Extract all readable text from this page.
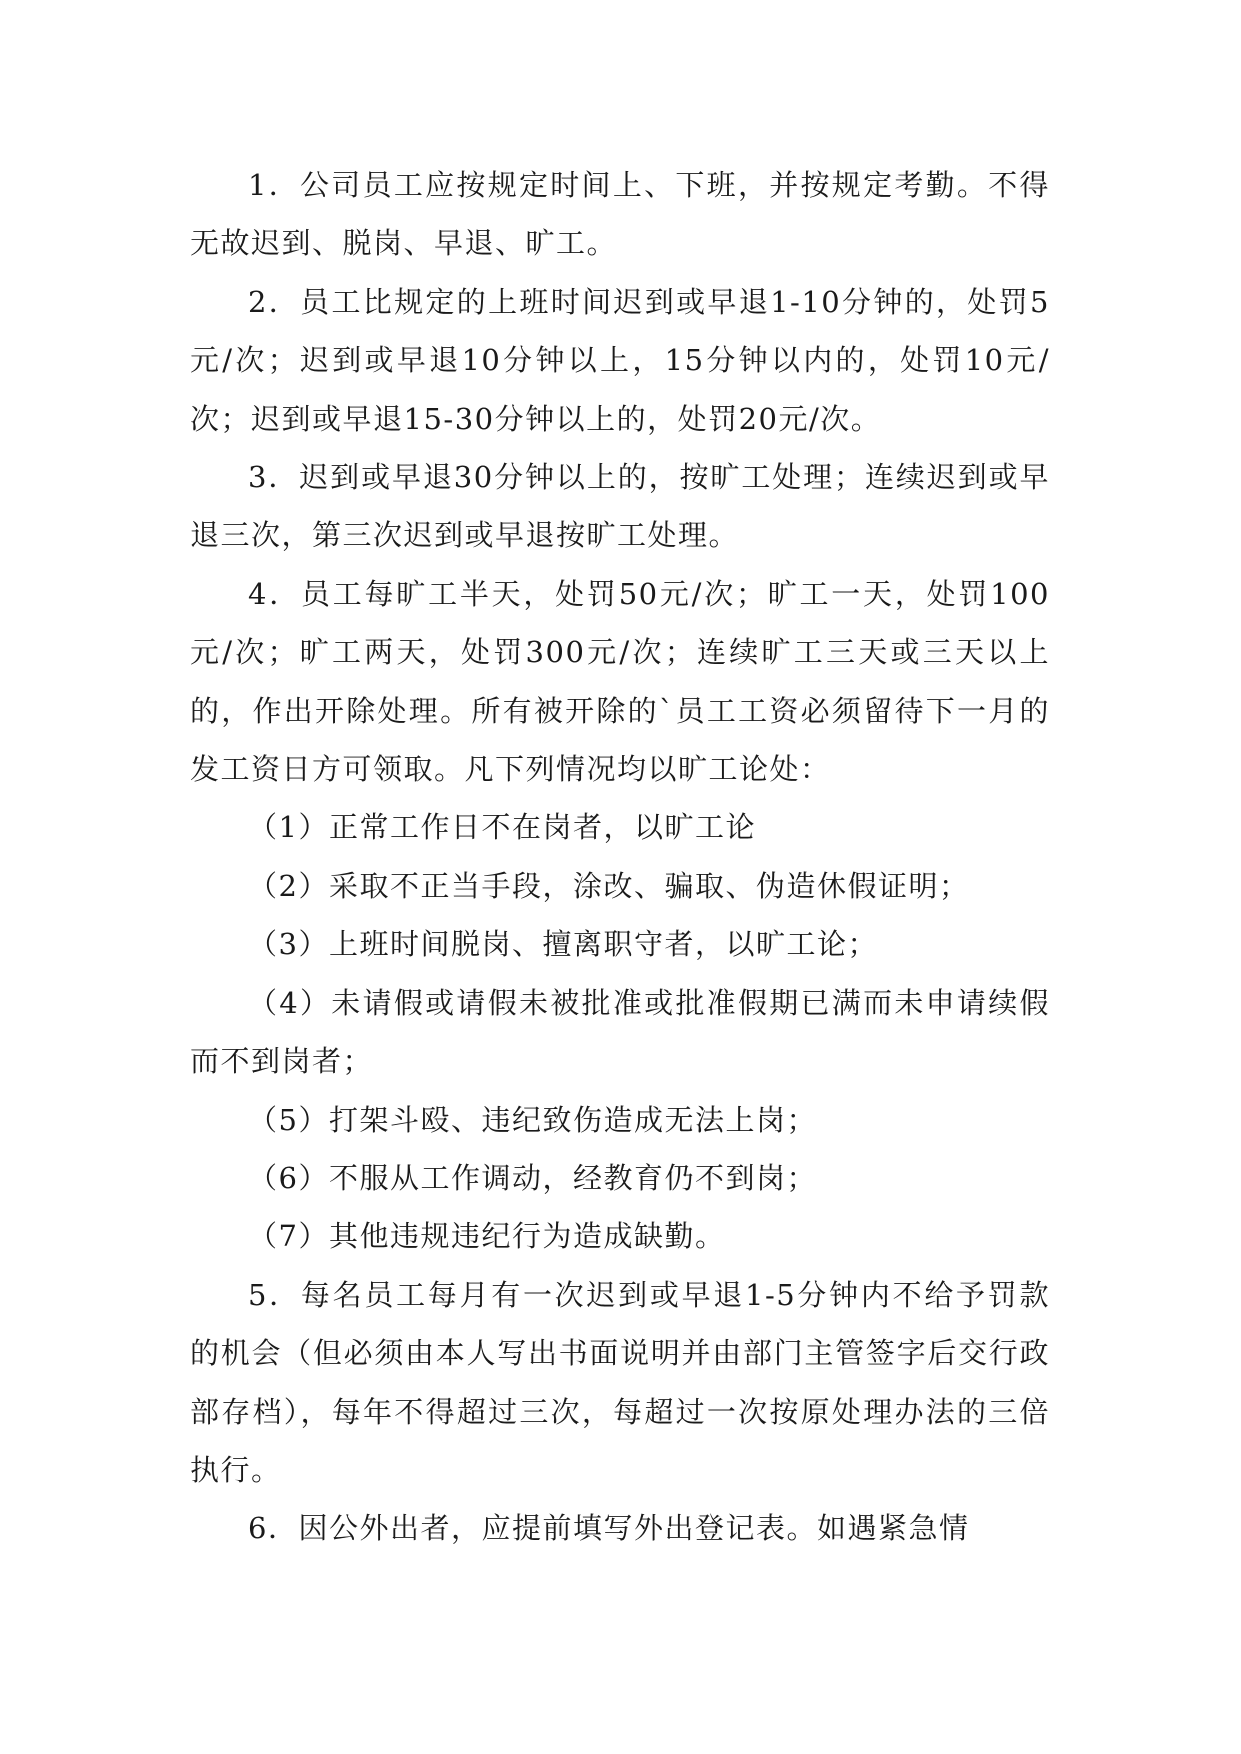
1．公司员工应按规定时间上、下班，并按规定考勤。不得无故迟到、脱岗、早退、旷工。

2．员工比规定的上班时间迟到或早退1-10分钟的，处罚5元/次；迟到或早退10分钟以上，15分钟以内的，处罚10元/次；迟到或早退15-30分钟以上的，处罚20元/次。

3．迟到或早退30分钟以上的，按旷工处理；连续迟到或早退三次，第三次迟到或早退按旷工处理。

4．员工每旷工半天，处罚50元/次；旷工一天，处罚100元/次；旷工两天，处罚300元/次；连续旷工三天或三天以上的，作出开除处理。所有被开除的`员工工资必须留待下一月的发工资日方可领取。凡下列情况均以旷工论处：

（1）正常工作日不在岗者，以旷工论

（2）采取不正当手段，涂改、骗取、伪造休假证明；

（3）上班时间脱岗、擅离职守者，以旷工论；

（4）未请假或请假未被批准或批准假期已满而未申请续假而不到岗者；

（5）打架斗殴、违纪致伤造成无法上岗；

（6）不服从工作调动，经教育仍不到岗；

（7）其他违规违纪行为造成缺勤。

5．每名员工每月有一次迟到或早退1-5分钟内不给予罚款的机会（但必须由本人写出书面说明并由部门主管签字后交行政部存档），每年不得超过三次，每超过一次按原处理办法的三倍执行。

6．因公外出者，应提前填写外出登记表。如遇紧急情
